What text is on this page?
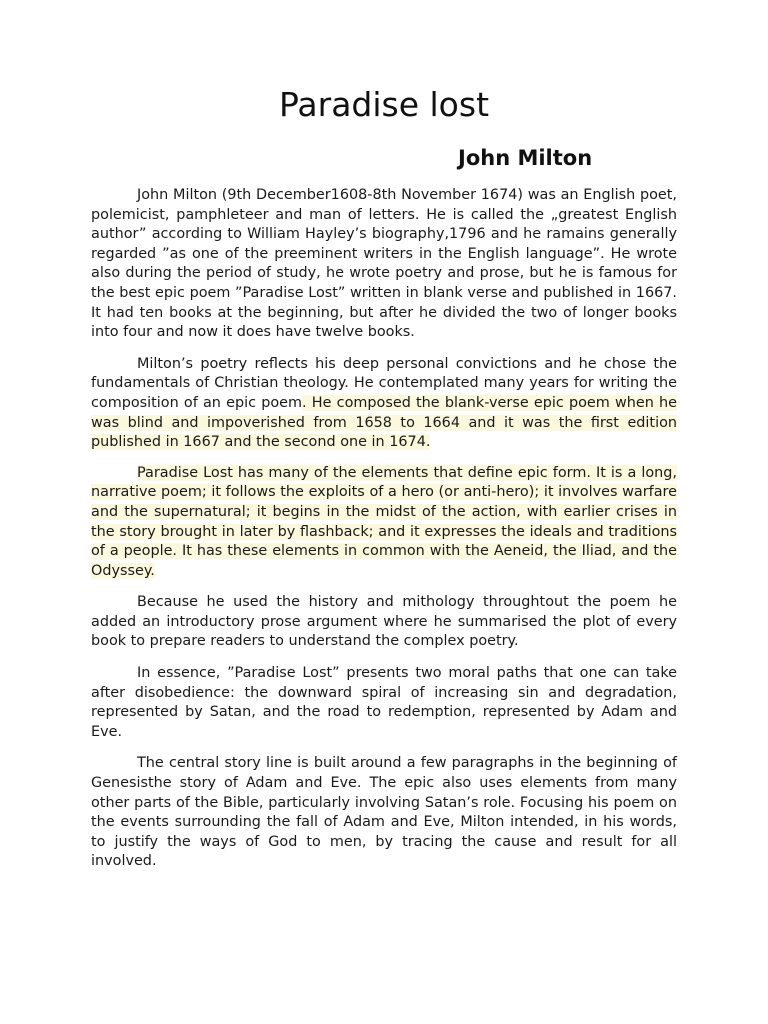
Paradise lost
John Milton

John Milton (9th December1608-8th November 1674) was an English poet, polemicist, pamphleteer and man of letters. He is called the „greatest English author” according to William Hayley’s biography,1796 and he ramains generally regarded ”as one of the preeminent writers in the English language”. He wrote also during the period of study, he wrote poetry and prose, but he is famous for the best epic poem ”Paradise Lost” written in blank verse and published in 1667. It had ten books at the beginning, but after he divided the two of longer books into four and now it does have twelve books.

Milton’s poetry reflects his deep personal convictions and he chose the fundamentals of Christian theology. He contemplated many years for writing the composition of an epic poem. He composed the blank-verse epic poem when he was blind and impoverished from 1658 to 1664 and it was the first edition published in 1667 and the second one in 1674.

Paradise Lost has many of the elements that define epic form. It is a long, narrative poem; it follows the exploits of a hero (or anti-hero); it involves warfare and the supernatural; it begins in the midst of the action, with earlier crises in the story brought in later by flashback; and it expresses the ideals and traditions of a people. It has these elements in common with the Aeneid, the Iliad, and the Odyssey.

Because he used the history and mithology throughtout the poem he added an introductory prose argument where he summarised the plot of every book to prepare readers to understand the complex poetry.

In essence, ”Paradise Lost” presents two moral paths that one can take after disobedience: the downward spiral of increasing sin and degradation, represented by Satan, and the road to redemption, represented by Adam and Eve.

The central story line is built around a few paragraphs in the beginning of Genesisthe story of Adam and Eve. The epic also uses elements from many other parts of the Bible, particularly involving Satan’s role. Focusing his poem on the events surrounding the fall of Adam and Eve, Milton intended, in his words, to justify the ways of God to men, by tracing the cause and result for all involved.
